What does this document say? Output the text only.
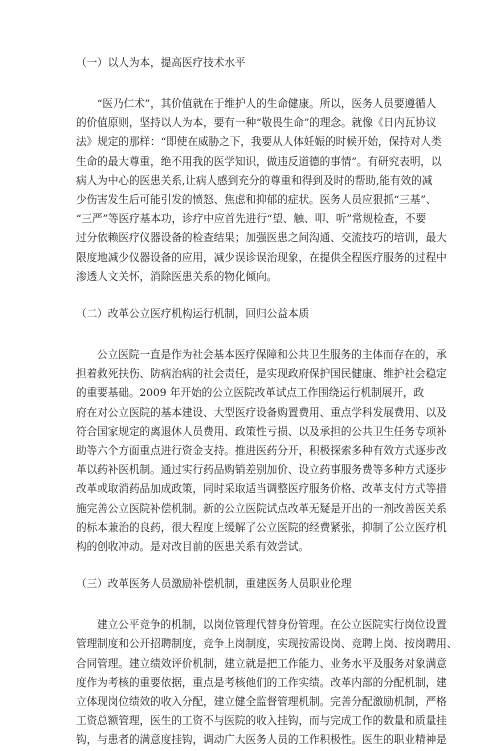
（一）以人为本，提高医疗技术水平

“医乃仁术”，其价值就在于维护人的生命健康。所以，医务人员要遵循人
的价值原则，坚持以人为本，要有一种“敬畏生命”的理念。就像《日内瓦协议
法》规定的那样：“即使在威胁之下，我要从人体妊娠的时候开始，保持对人类
生命的最大尊重，绝不用我的医学知识，做违反道德的事情”。有研究表明，以
病人为中心的医患关系,让病人感到充分的尊重和得到及时的帮助,能有效的减
少伤害发生后可能引发的愤怒、焦虑和抑郁的症状。医务人员应狠抓“三基”、
“三严”等医疗基本功，诊疗中应首先进行“望、触、叩、听”常规检查，不要
过分依赖医疗仪器设备的检查结果；加强医患之间沟通、交流技巧的培训，最大
限度地减少仪器设备的应用，减少误诊误治现象，在提供全程医疗服务的过程中
渗透人文关怀，消除医患关系的物化倾向。

（二）改革公立医疗机构运行机制，回归公益本质

公立医院一直是作为社会基本医疗保障和公共卫生服务的主体而存在的，承
担着救死扶伤、防病治病的社会责任，是实现政府保护国民健康、维护社会稳定
的重要基础。2009 年开始的公立医院改革试点工作围绕运行机制展开，政
府在对公立医院的基本建设、大型医疗设备购置费用、重点学科发展费用、以及
符合国家规定的离退休人员费用、政策性亏损、以及承担的公共卫生任务专项补
助等六个方面重点进行资金支持。推进医药分开，积极探索多种有效方式逐步改
革以药补医机制。通过实行药品购销差别加价、设立药事服务费等多种方式逐步
改革或取消药品加成政策，同时采取适当调整医疗服务价格、改革支付方式等措
施完善公立医院补偿机制。新的公立医院试点改革无疑是开出的一剂改善医关系
的标本兼治的良药，很大程度上缓解了公立医院的经费紧张，抑制了公立医疗机
构的创收冲动。是对改目前的医患关系有效尝试。

（三）改革医务人员激励补偿机制，重建医务人员职业伦理

建立公平竞争的机制，以岗位管理代替身份管理。在公立医院实行岗位设置
管理制度和公开招聘制度，竞争上岗制度，实现按需设岗、竞聘上岗、按岗聘用、
合同管理。建立绩效评价机制，建立就是把工作能力、业务水平及服务对象满意
度作为考核的重要依据，重点是考核他们的工作实绩。改革内部的分配机制，建
立体现岗位绩效的收入分配，建立健全监督管理机制。完善分配激励机制，严格
工资总额管理，医生的工资不与医院的收入挂钩，而与完成工作的数量和质量挂
钩，与患者的满意度挂钩，调动广大医务人员的工作积极性。医生的职业精神是
